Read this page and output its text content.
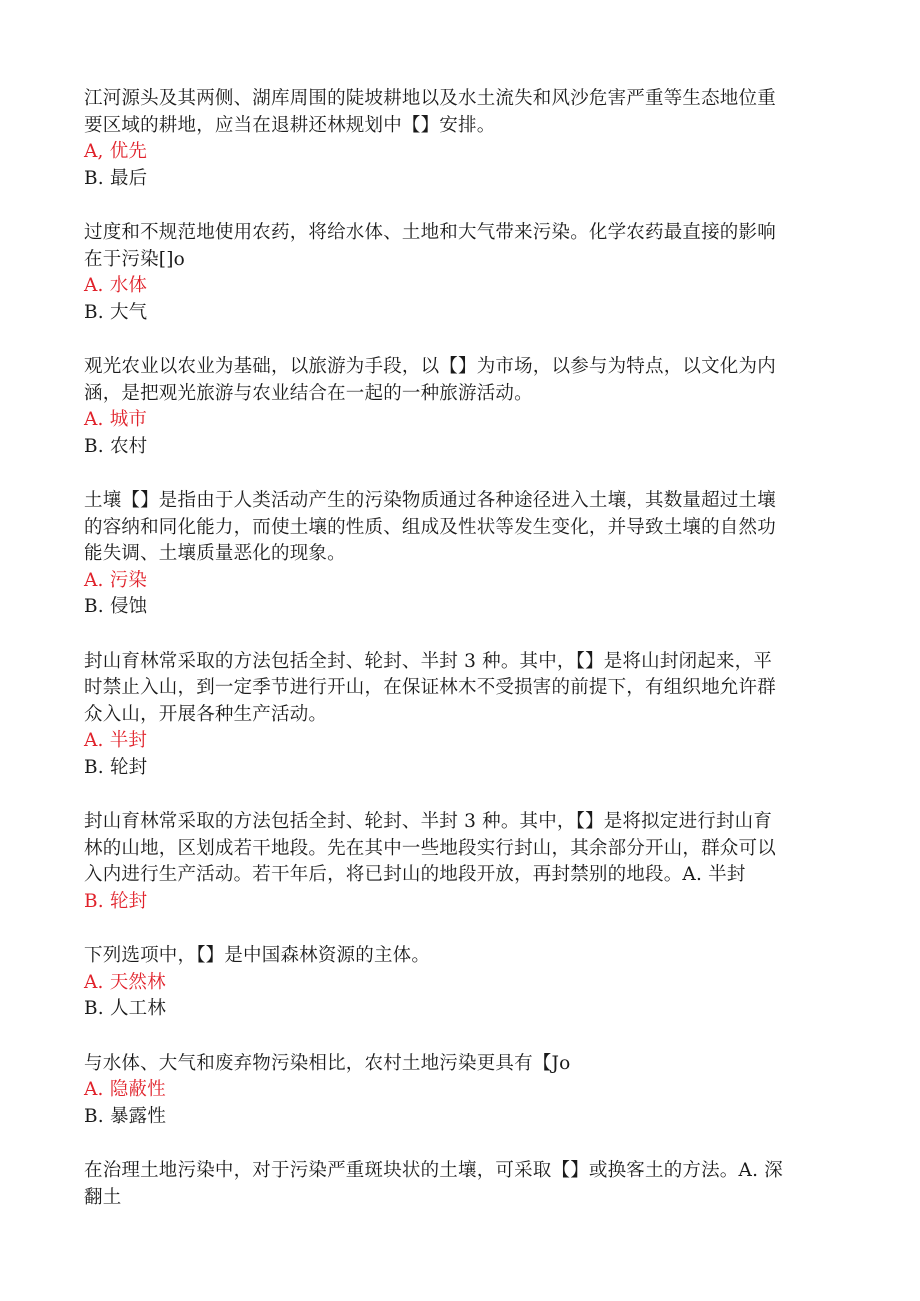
江河源头及其两侧、湖库周围的陡坡耕地以及水土流失和风沙危害严重等生态地位重
要区域的耕地，应当在退耕还林规划中【】安排。
A, 优先
B. 最后
过度和不规范地使用农药，将给水体、土地和大气带来污染。化学农药最直接的影响
在于污染[]o
A. 水体
B. 大气
观光农业以农业为基础，以旅游为手段，以【】为市场，以参与为特点，以文化为内
涵，是把观光旅游与农业结合在一起的一种旅游活动。
A. 城市
B. 农村
土壤【】是指由于人类活动产生的污染物质通过各种途径进入土壤，其数量超过土壤
的容纳和同化能力，而使土壤的性质、组成及性状等发生变化，并导致土壤的自然功
能失调、土壤质量恶化的现象。
A. 污染
B. 侵蚀
封山育林常采取的方法包括全封、轮封、半封 3 种。其中，【】是将山封闭起来，平
时禁止入山，到一定季节进行开山，在保证林木不受损害的前提下，有组织地允许群
众入山，开展各种生产活动。
A. 半封
B. 轮封
封山育林常采取的方法包括全封、轮封、半封 3 种。其中，【】是将拟定进行封山育
林的山地，区划成若干地段。先在其中一些地段实行封山，其余部分开山，群众可以
入内进行生产活动。若干年后，将已封山的地段开放，再封禁别的地段。A. 半封
B. 轮封
下列选项中，【】是中国森林资源的主体。
A. 天然林
B. 人工林
与水体、大气和废弃物污染相比，农村土地污染更具有【Jo
A. 隐蔽性
B. 暴露性
在治理土地污染中，对于污染严重斑块状的土壤，可采取【】或换客土的方法。A. 深
翻土
